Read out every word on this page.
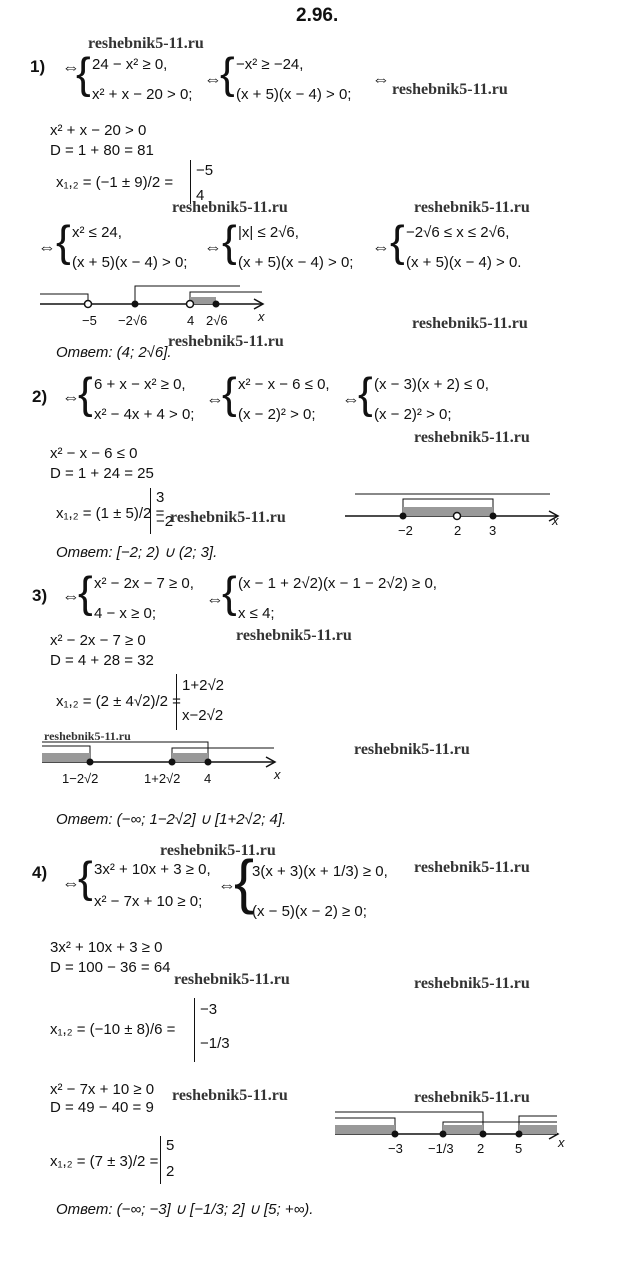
2.96.
1) ⇔
{ 24 − x² ≥ 0,
x² + x − 20 > 0;
⇔
{ −x² ≥ −24,
(x + 5)(x − 4) > 0;
⇔
x² + x − 20 > 0
D = 1 + 80 = 81
x₁,₂ = (−1 ± 9)/2 =
−5
4
⇔ { x² ≤ 24,
(x + 5)(x − 4) > 0;
⇔ { |x| ≤ 2√6,
(x + 5)(x − 4) > 0;
⇔ { −2√6 ≤ x ≤ 2√6,
(x + 5)(x − 4) > 0.
−5 −2√6	4 2√6 x
Ответ: (4; 2√6].
2) ⇔
{ 6 + x − x² ≥ 0,
x² − 4x + 4 > 0;
⇔
{ x² − x − 6 ≤ 0,
(x − 2)² > 0;
⇔
{ (x − 3)(x + 2) ≤ 0,
(x − 2)² > 0;
x² − x − 6 ≤ 0
D = 1 + 24 = 25
x₁,₂ = (1 ± 5)/2 =
3
−2
−2	2 3
x
Ответ: [−2; 2) ∪ (2; 3].
3) ⇔
{ x² − 2x − 7 ≥ 0,
4 − x ≥ 0;
⇔
{ (x − 1 + 2√2)(x − 1 − 2√2) ≥ 0,
x ≤ 4;
x² − 2x − 7 ≥ 0
D = 4 + 28 = 32
x₁,₂ = (2 ± 4√2)/2 =
1+2√2
x−2√2
reshebnik5-11.ru
1−2√2	1+2√2 4	x
Ответ: (−∞; 1−2√2] ∪ [1+2√2; 4].
4)
⇔
{ 3x² + 10x + 3 ≥ 0,
x² − 7x + 10 ≥ 0;
⇔
{
3(x + 3)(x + 1/3) ≥ 0,
(x − 5)(x − 2) ≥ 0;
3x² + 10x + 3 ≥ 0
D = 100 − 36 = 64
x₁,₂ = (−10 ± 8)/6 =
−3
−1/3
x² − 7x + 10 ≥ 0
D = 49 − 40 = 9
x₁,₂ = (7 ± 3)/2 =
5
2
−3 −1/3 2 5	x
Ответ: (−∞; −3] ∪ [−1/3; 2] ∪ [5; +∞).
reshebnik5-11.ru
reshebnik5-11.ru
reshebnik5-11.ru	reshebnik5-11.ru
reshebnik5-11.ru
reshebnik5-11.ru
reshebnik5-11.ru
reshebnik5-11.ru
reshebnik5-11.ru
reshebnik5-11.ru
reshebnik5-11.ru
reshebnik5-11.ru
reshebnik5-11.ru	reshebnik5-11.ru
reshebnik5-11.ru	reshebnik5-11.ru
